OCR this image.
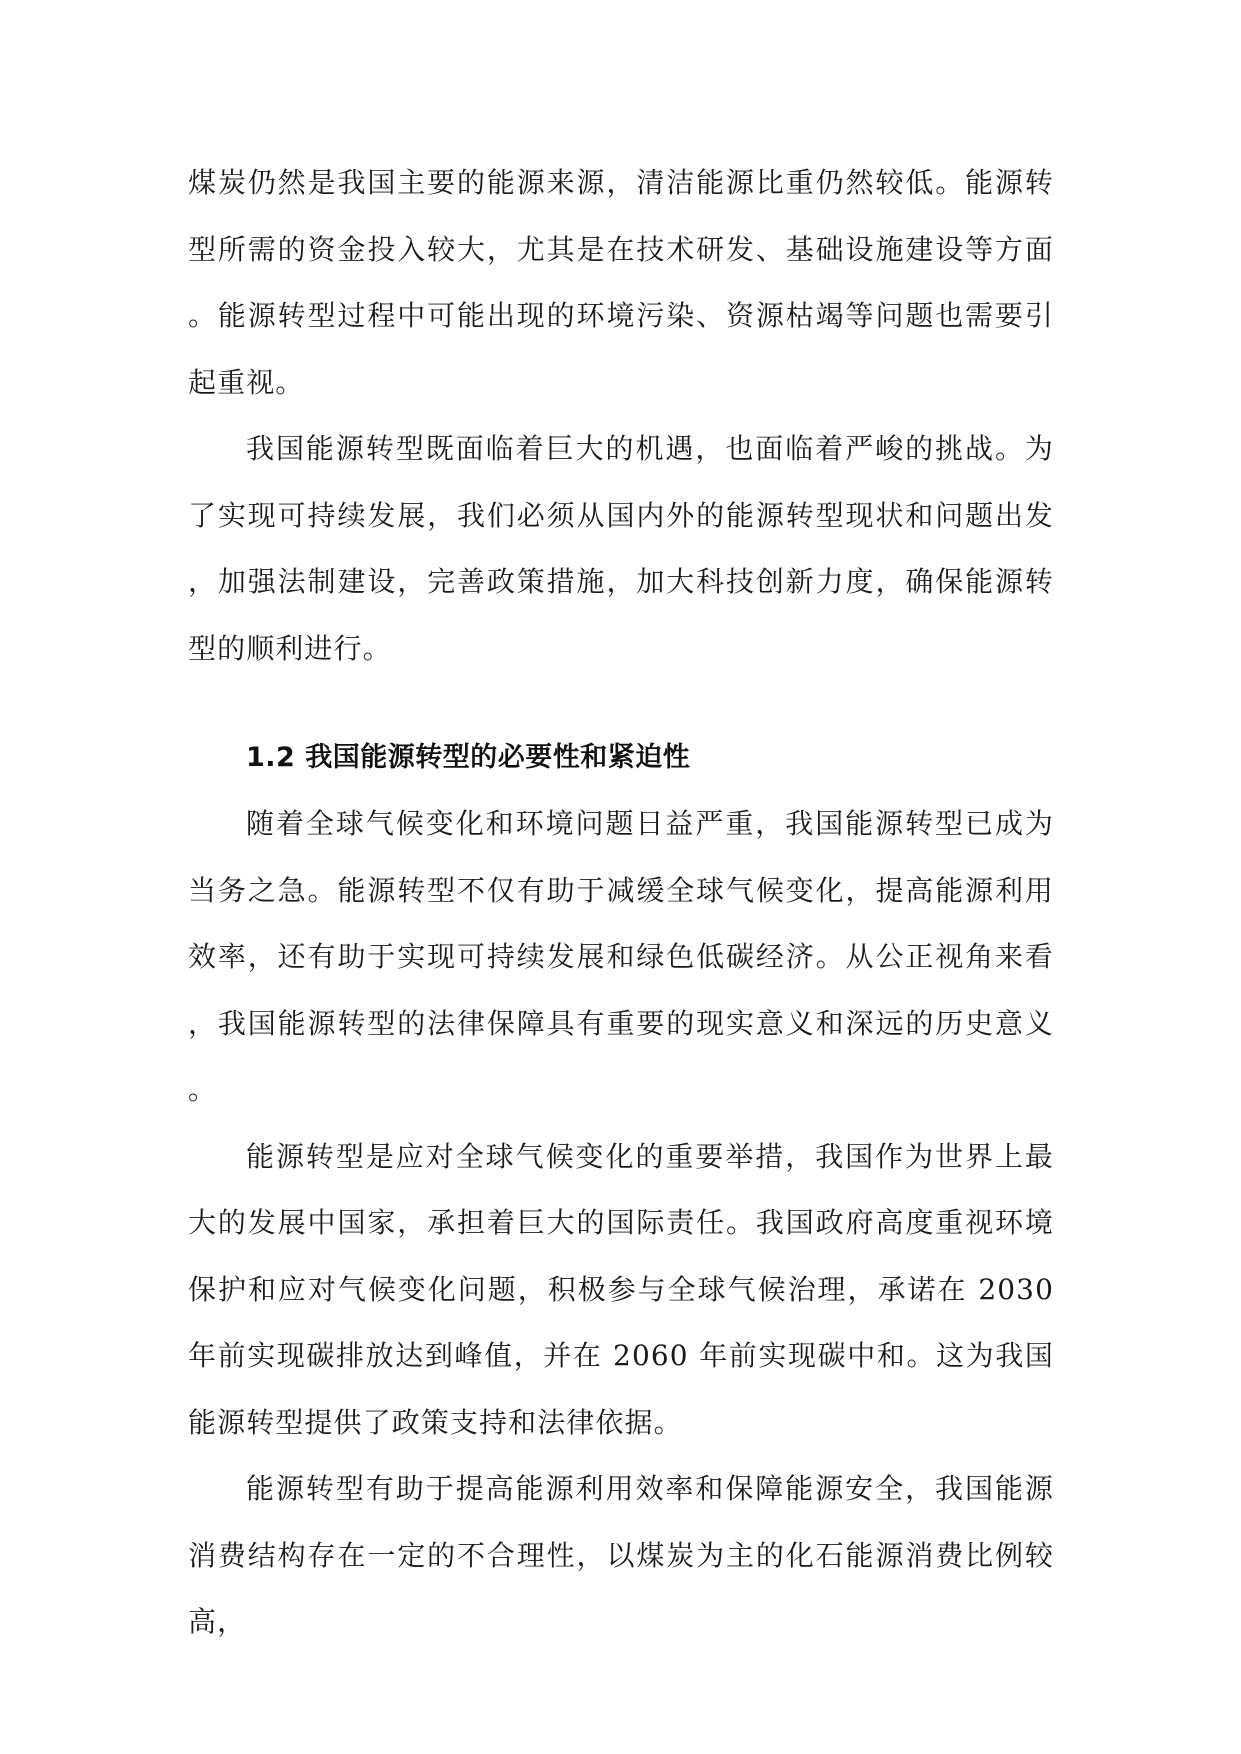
煤炭仍然是我国主要的能源来源，清洁能源比重仍然较低。能源转型所需的资金投入较大，尤其是在技术研发、基础设施建设等方面。能源转型过程中可能出现的环境污染、资源枯竭等问题也需要引起重视。

我国能源转型既面临着巨大的机遇，也面临着严峻的挑战。为了实现可持续发展，我们必须从国内外的能源转型现状和问题出发，加强法制建设，完善政策措施，加大科技创新力度，确保能源转型的顺利进行。

1.2 我国能源转型的必要性和紧迫性

随着全球气候变化和环境问题日益严重，我国能源转型已成为当务之急。能源转型不仅有助于减缓全球气候变化，提高能源利用效率，还有助于实现可持续发展和绿色低碳经济。从公正视角来看，我国能源转型的法律保障具有重要的现实意义和深远的历史意义。

能源转型是应对全球气候变化的重要举措，我国作为世界上最大的发展中国家，承担着巨大的国际责任。我国政府高度重视环境保护和应对气候变化问题，积极参与全球气候治理，承诺在 2030 年前实现碳排放达到峰值，并在 2060 年前实现碳中和。这为我国能源转型提供了政策支持和法律依据。

能源转型有助于提高能源利用效率和保障能源安全，我国能源消费结构存在一定的不合理性，以煤炭为主的化石能源消费比例较高，
